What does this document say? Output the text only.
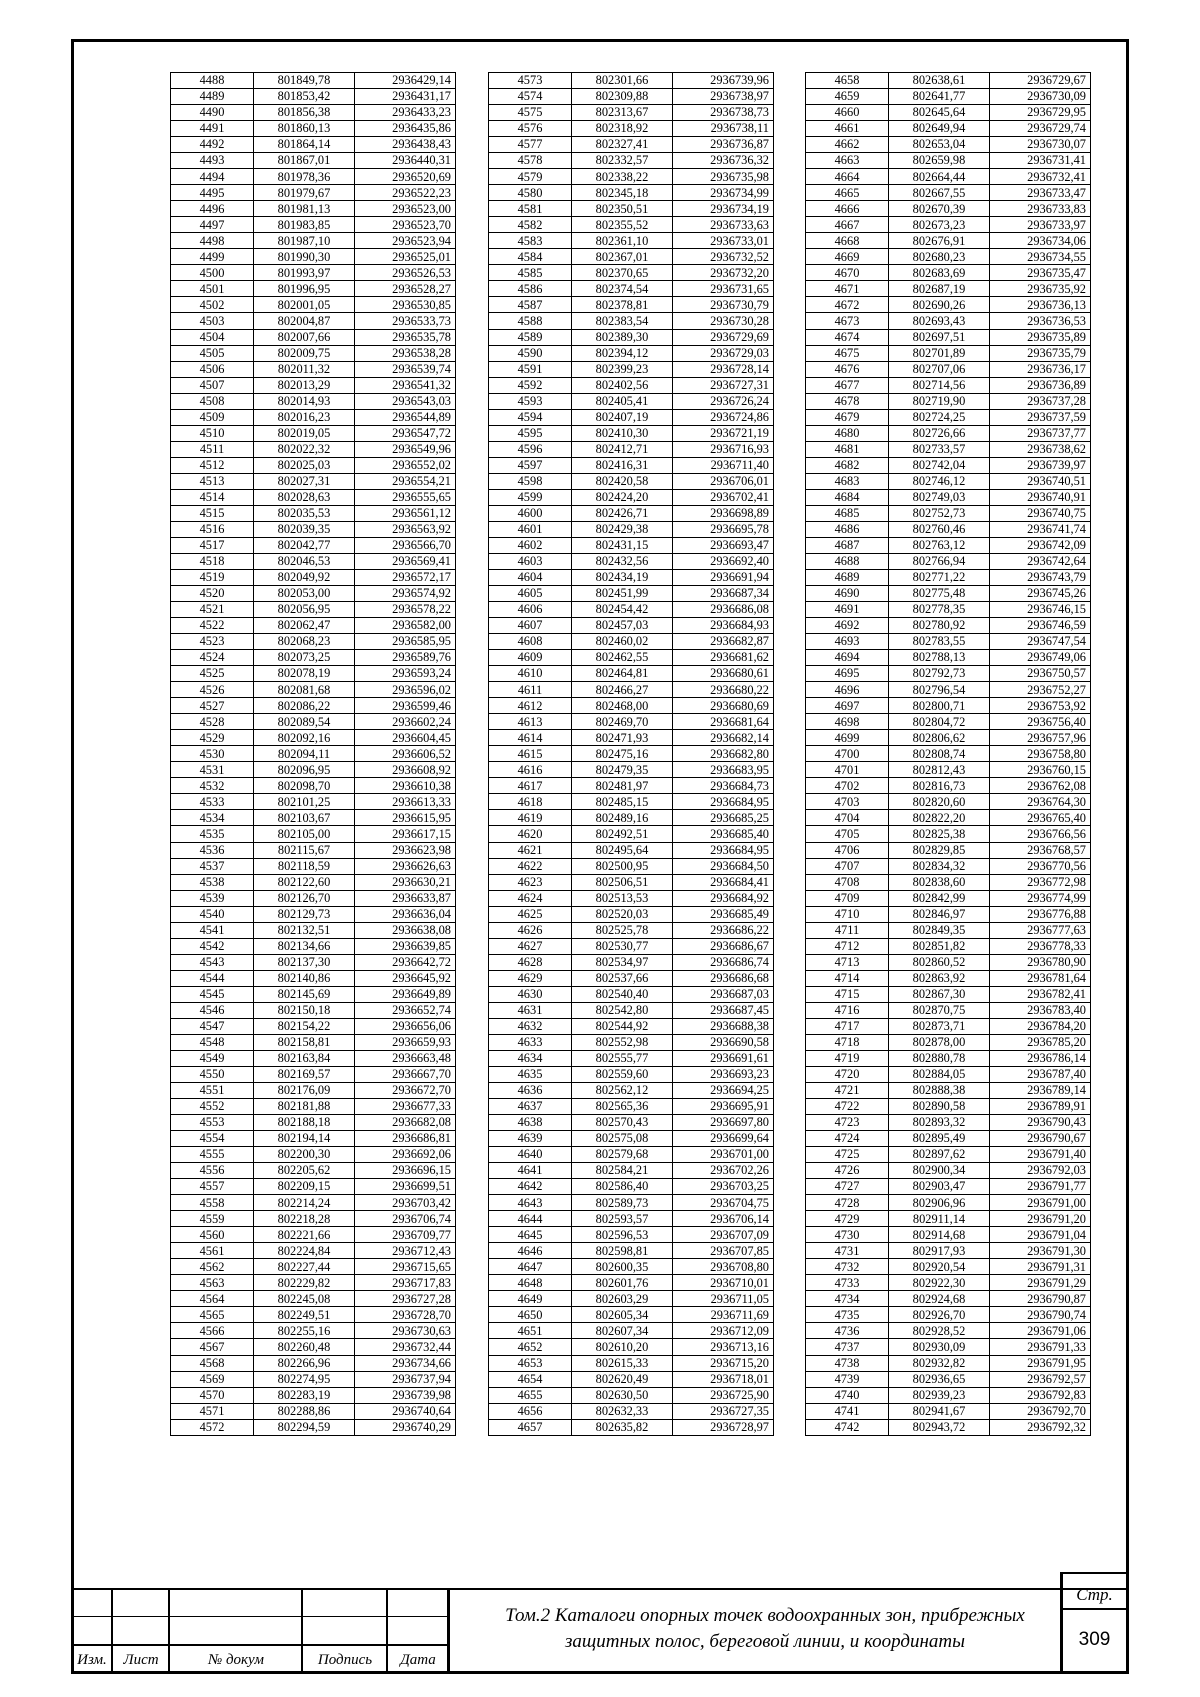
4488	801849,78	2936429,14
4489	801853,42	2936431,17
4490	801856,38	2936433,23
4491	801860,13	2936435,86
4492	801864,14	2936438,43
4493	801867,01	2936440,31
4494	801978,36	2936520,69
4495	801979,67	2936522,23
4496	801981,13	2936523,00
4497	801983,85	2936523,70
4498	801987,10	2936523,94
4499	801990,30	2936525,01
4500	801993,97	2936526,53
4501	801996,95	2936528,27
4502	802001,05	2936530,85
4503	802004,87	2936533,73
4504	802007,66	2936535,78
4505	802009,75	2936538,28
4506	802011,32	2936539,74
4507	802013,29	2936541,32
4508	802014,93	2936543,03
4509	802016,23	2936544,89
4510	802019,05	2936547,72
4511	802022,32	2936549,96
4512	802025,03	2936552,02
4513	802027,31	2936554,21
4514	802028,63	2936555,65
4515	802035,53	2936561,12
4516	802039,35	2936563,92
4517	802042,77	2936566,70
4518	802046,53	2936569,41
4519	802049,92	2936572,17
4520	802053,00	2936574,92
4521	802056,95	2936578,22
4522	802062,47	2936582,00
4523	802068,23	2936585,95
4524	802073,25	2936589,76
4525	802078,19	2936593,24
4526	802081,68	2936596,02
4527	802086,22	2936599,46
4528	802089,54	2936602,24
4529	802092,16	2936604,45
4530	802094,11	2936606,52
4531	802096,95	2936608,92
4532	802098,70	2936610,38
4533	802101,25	2936613,33
4534	802103,67	2936615,95
4535	802105,00	2936617,15
4536	802115,67	2936623,98
4537	802118,59	2936626,63
4538	802122,60	2936630,21
4539	802126,70	2936633,87
4540	802129,73	2936636,04
4541	802132,51	2936638,08
4542	802134,66	2936639,85
4543	802137,30	2936642,72
4544	802140,86	2936645,92
4545	802145,69	2936649,89
4546	802150,18	2936652,74
4547	802154,22	2936656,06
4548	802158,81	2936659,93
4549	802163,84	2936663,48
4550	802169,57	2936667,70
4551	802176,09	2936672,70
4552	802181,88	2936677,33
4553	802188,18	2936682,08
4554	802194,14	2936686,81
4555	802200,30	2936692,06
4556	802205,62	2936696,15
4557	802209,15	2936699,51
4558	802214,24	2936703,42
4559	802218,28	2936706,74
4560	802221,66	2936709,77
4561	802224,84	2936712,43
4562	802227,44	2936715,65
4563	802229,82	2936717,83
4564	802245,08	2936727,28
4565	802249,51	2936728,70
4566	802255,16	2936730,63
4567	802260,48	2936732,44
4568	802266,96	2936734,66
4569	802274,95	2936737,94
4570	802283,19	2936739,98
4571	802288,86	2936740,64
4572	802294,59	2936740,29
4573	802301,66	2936739,96
4574	802309,88	2936738,97
4575	802313,67	2936738,73
4576	802318,92	2936738,11
4577	802327,41	2936736,87
4578	802332,57	2936736,32
4579	802338,22	2936735,98
4580	802345,18	2936734,99
4581	802350,51	2936734,19
4582	802355,52	2936733,63
4583	802361,10	2936733,01
4584	802367,01	2936732,52
4585	802370,65	2936732,20
4586	802374,54	2936731,65
4587	802378,81	2936730,79
4588	802383,54	2936730,28
4589	802389,30	2936729,69
4590	802394,12	2936729,03
4591	802399,23	2936728,14
4592	802402,56	2936727,31
4593	802405,41	2936726,24
4594	802407,19	2936724,86
4595	802410,30	2936721,19
4596	802412,71	2936716,93
4597	802416,31	2936711,40
4598	802420,58	2936706,01
4599	802424,20	2936702,41
4600	802426,71	2936698,89
4601	802429,38	2936695,78
4602	802431,15	2936693,47
4603	802432,56	2936692,40
4604	802434,19	2936691,94
4605	802451,99	2936687,34
4606	802454,42	2936686,08
4607	802457,03	2936684,93
4608	802460,02	2936682,87
4609	802462,55	2936681,62
4610	802464,81	2936680,61
4611	802466,27	2936680,22
4612	802468,00	2936680,69
4613	802469,70	2936681,64
4614	802471,93	2936682,14
4615	802475,16	2936682,80
4616	802479,35	2936683,95
4617	802481,97	2936684,73
4618	802485,15	2936684,95
4619	802489,16	2936685,25
4620	802492,51	2936685,40
4621	802495,64	2936684,95
4622	802500,95	2936684,50
4623	802506,51	2936684,41
4624	802513,53	2936684,92
4625	802520,03	2936685,49
4626	802525,78	2936686,22
4627	802530,77	2936686,67
4628	802534,97	2936686,74
4629	802537,66	2936686,68
4630	802540,40	2936687,03
4631	802542,80	2936687,45
4632	802544,92	2936688,38
4633	802552,98	2936690,58
4634	802555,77	2936691,61
4635	802559,60	2936693,23
4636	802562,12	2936694,25
4637	802565,36	2936695,91
4638	802570,43	2936697,80
4639	802575,08	2936699,64
4640	802579,68	2936701,00
4641	802584,21	2936702,26
4642	802586,40	2936703,25
4643	802589,73	2936704,75
4644	802593,57	2936706,14
4645	802596,53	2936707,09
4646	802598,81	2936707,85
4647	802600,35	2936708,80
4648	802601,76	2936710,01
4649	802603,29	2936711,05
4650	802605,34	2936711,69
4651	802607,34	2936712,09
4652	802610,20	2936713,16
4653	802615,33	2936715,20
4654	802620,49	2936718,01
4655	802630,50	2936725,90
4656	802632,33	2936727,35
4657	802635,82	2936728,97
4658	802638,61	2936729,67
4659	802641,77	2936730,09
4660	802645,64	2936729,95
4661	802649,94	2936729,74
4662	802653,04	2936730,07
4663	802659,98	2936731,41
4664	802664,44	2936732,41
4665	802667,55	2936733,47
4666	802670,39	2936733,83
4667	802673,23	2936733,97
4668	802676,91	2936734,06
4669	802680,23	2936734,55
4670	802683,69	2936735,47
4671	802687,19	2936735,92
4672	802690,26	2936736,13
4673	802693,43	2936736,53
4674	802697,51	2936735,89
4675	802701,89	2936735,79
4676	802707,06	2936736,17
4677	802714,56	2936736,89
4678	802719,90	2936737,28
4679	802724,25	2936737,59
4680	802726,66	2936737,77
4681	802733,57	2936738,62
4682	802742,04	2936739,97
4683	802746,12	2936740,51
4684	802749,03	2936740,91
4685	802752,73	2936740,75
4686	802760,46	2936741,74
4687	802763,12	2936742,09
4688	802766,94	2936742,64
4689	802771,22	2936743,79
4690	802775,48	2936745,26
4691	802778,35	2936746,15
4692	802780,92	2936746,59
4693	802783,55	2936747,54
4694	802788,13	2936749,06
4695	802792,73	2936750,57
4696	802796,54	2936752,27
4697	802800,71	2936753,92
4698	802804,72	2936756,40
4699	802806,62	2936757,96
4700	802808,74	2936758,80
4701	802812,43	2936760,15
4702	802816,73	2936762,08
4703	802820,60	2936764,30
4704	802822,20	2936765,40
4705	802825,38	2936766,56
4706	802829,85	2936768,57
4707	802834,32	2936770,56
4708	802838,60	2936772,98
4709	802842,99	2936774,99
4710	802846,97	2936776,88
4711	802849,35	2936777,63
4712	802851,82	2936778,33
4713	802860,52	2936780,90
4714	802863,92	2936781,64
4715	802867,30	2936782,41
4716	802870,75	2936783,40
4717	802873,71	2936784,20
4718	802878,00	2936785,20
4719	802880,78	2936786,14
4720	802884,05	2936787,40
4721	802888,38	2936789,14
4722	802890,58	2936789,91
4723	802893,32	2936790,43
4724	802895,49	2936790,67
4725	802897,62	2936791,40
4726	802900,34	2936792,03
4727	802903,47	2936791,77
4728	802906,96	2936791,00
4729	802911,14	2936791,20
4730	802914,68	2936791,04
4731	802917,93	2936791,30
4732	802920,54	2936791,31
4733	802922,30	2936791,29
4734	802924,68	2936790,87
4735	802926,70	2936790,74
4736	802928,52	2936791,06
4737	802930,09	2936791,33
4738	802932,82	2936791,95
4739	802936,65	2936792,57
4740	802939,23	2936792,83
4741	802941,67	2936792,70
4742	802943,72	2936792,32
Изм.	Лист	№ докум	Подпись	Дата
Том.2 Каталоги опорных точек водоохранных зон, прибрежных защитных полос, береговой линии, и координаты
Стр.
309
